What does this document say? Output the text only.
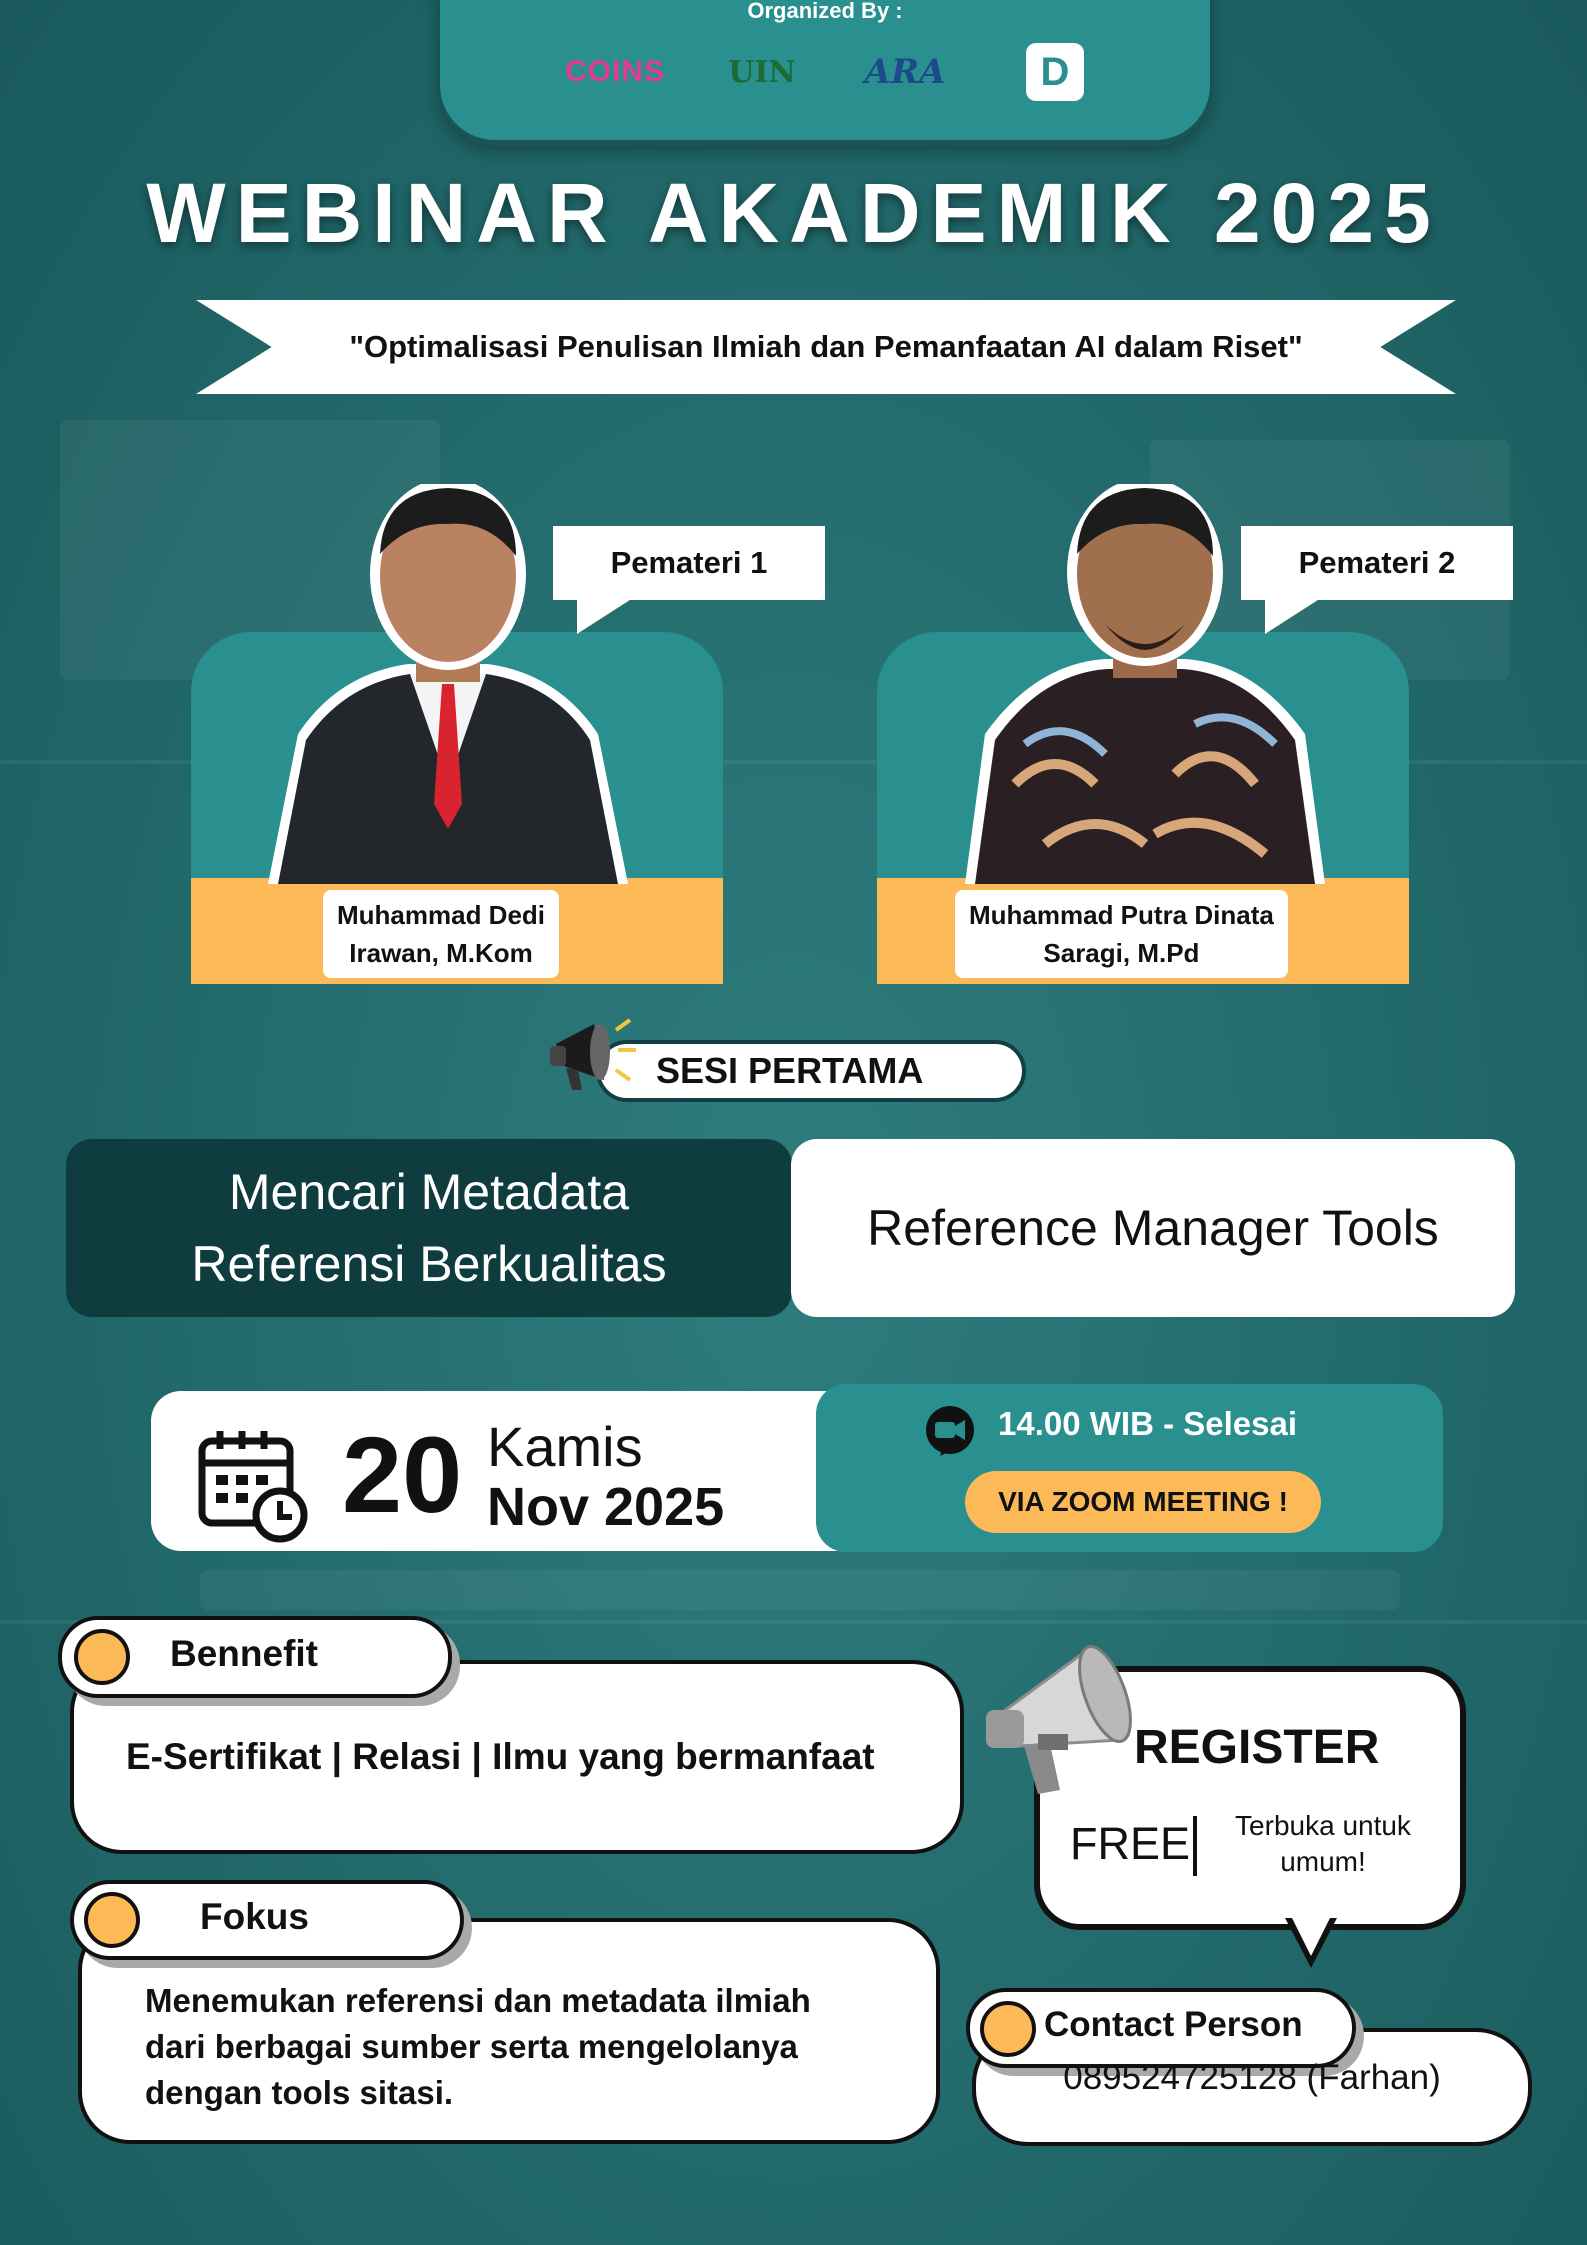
Organized By :
COINS	UIN	ARA	D
WEBINAR AKADEMIK 2025
"Optimalisasi Penulisan Ilmiah dan Pemanfaatan AI dalam Riset"
Pemateri 1
Muhammad Dedi
Irawan, M.Kom
Pemateri 2
Muhammad Putra Dinata
Saragi, M.Pd
SESI PERTAMA
Mencari Metadata
Referensi Berkualitas
Reference Manager Tools
20 Kamis
Nov 2025
14.00 WIB - Selesai
VIA ZOOM MEETING !
Bennefit
E-Sertifikat | Relasi | Ilmu yang bermanfaat
Fokus
Menemukan referensi dan metadata ilmiah
dari berbagai sumber serta mengelolanya
dengan tools sitasi.
REGISTER
FREE	Terbuka untuk
umum!
Contact Person
089524725128 (Farhan)
